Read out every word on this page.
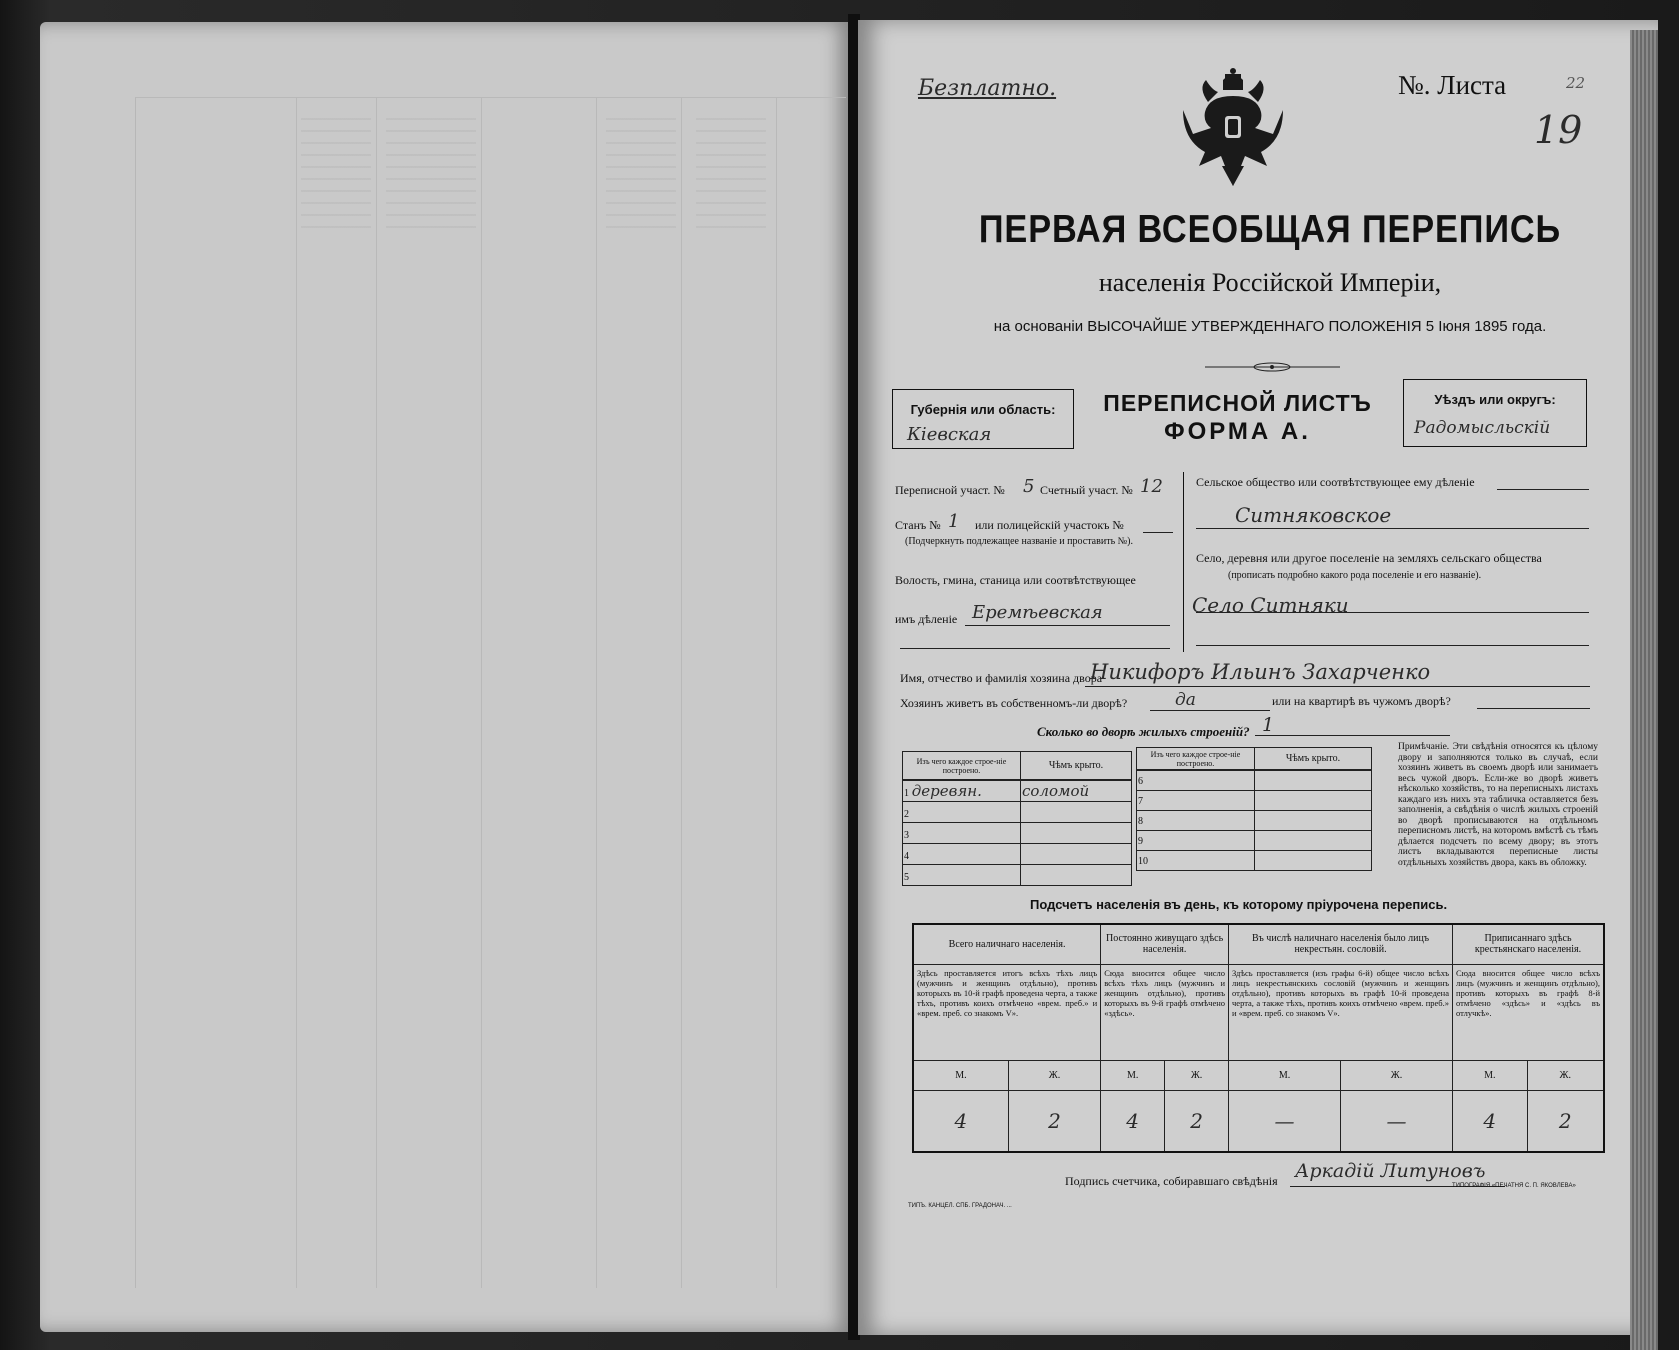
Безплатно.	№. Листа	22
19
ПЕРВАЯ ВСЕОБЩАЯ ПЕРЕПИСЬ
населенія Россійской Имперіи,
на основаніи ВЫСОЧАЙШЕ УТВЕРЖДЕННАГО ПОЛОЖЕНІЯ 5 Іюня 1895 года.
Губернія или область:
Кіевская
ПЕРЕПИСНОЙ ЛИСТЪ
ФОРМА А.
Уѣздъ или округъ:
Радомысльскій
Переписной участ. № 5 Счетный участ. № 12
Станъ № 1 или полицейскій участокъ №
(Подчеркнуть подлежащее названіе и проставить №).
Волость, гмина, станица или соотвѣтствующее
имъ дѣленіе Еремѣевская
Сельское общество или соотвѣтствующее ему дѣленіе
Ситняковское
Село, деревня или другое поселеніе на земляхъ сельскаго общества
(прописать подробно какого рода поселеніе и его названіе).
Село Ситняки
Имя, отчество и фамилія хозяина двора
Никифоръ Ильинъ Захарченко
Хозяинъ живетъ въ собственномъ-ли дворѣ?	да	или на квартирѣ въ чужомъ дворѣ?
Сколько во дворѣ жилыхъ строеній? 1
Изъ чего каждое строе-ніе построено.	Чѣмъ крыто.
1 деревян.	соломой
2	
3	
4	
5	
Изъ чего каждое строе-ніе построено.	Чѣмъ крыто.
6	
7	
8	
9	
10	
Примѣчаніе. Эти свѣдѣнія относятся къ цѣлому двору и заполняются только въ случаѣ, если хозяинъ живетъ въ своемъ дворѣ или занимаетъ весь чужой дворъ. Если-же во дворѣ живетъ нѣсколько хозяйствъ, то на переписныхъ листахъ каждаго изъ нихъ эта табличка оставляется безъ заполненія, а свѣдѣнія о числѣ жилыхъ строеній во дворѣ прописываются на отдѣльномъ переписномъ листѣ, на которомъ вмѣстѣ съ тѣмъ дѣлается подсчетъ по всему двору; въ этотъ листъ вкладываются переписные листы отдѣльныхъ хозяйствъ двора, какъ въ обложку.
Подсчетъ населенія въ день, къ которому пріурочена перепись.
Всего наличнаго населенія.		Постоянно живущаго здѣсь населенія.		Въ числѣ наличнаго населенія было лицъ некрестьян. сословій.		Приписаннаго здѣсь крестьянскаго населенія.	
Здѣсь проставляется итогъ всѣхъ тѣхъ лицъ (мужчинъ и женщинъ отдѣльно), противъ которыхъ въ 10-й графѣ проведена черта, а также тѣхъ, противъ коихъ отмѣчено «врем. преб.» и «врем. преб. со знакомъ V».		Сюда вносится общее число всѣхъ тѣхъ лицъ (мужчинъ и женщинъ отдѣльно), противъ которыхъ въ 9-й графѣ отмѣчено «здѣсь».		Здѣсь проставляется (изъ графы 6-й) общее число всѣхъ лицъ некрестьянскихъ сословій (мужчинъ и женщинъ отдѣльно), противъ которыхъ въ графѣ 10-й проведена черта, а также тѣхъ, противъ коихъ отмѣчено «врем. преб.» и «врем. преб. со знакомъ V».		Сюда вносится общее число всѣхъ лицъ (мужчинъ и женщинъ отдѣльно), противъ которыхъ въ графѣ 8-й отмѣчено «здѣсь» и «здѣсь въ отлучкѣ».	
М.	Ж.	М.	Ж.	М.	Ж.	М.	Ж.
4	2	4	2	—	—	4	2
Подпись счетчика, собиравшаго свѣдѣнія Аркадій Литуновъ
ТИПЪ. КАНЦЕЛ. СПБ. ГРАДОНАЧ. ...
ТИПОГРАФІЯ «ПЕЧАТНЯ С. П. ЯКОВЛЕВА»
